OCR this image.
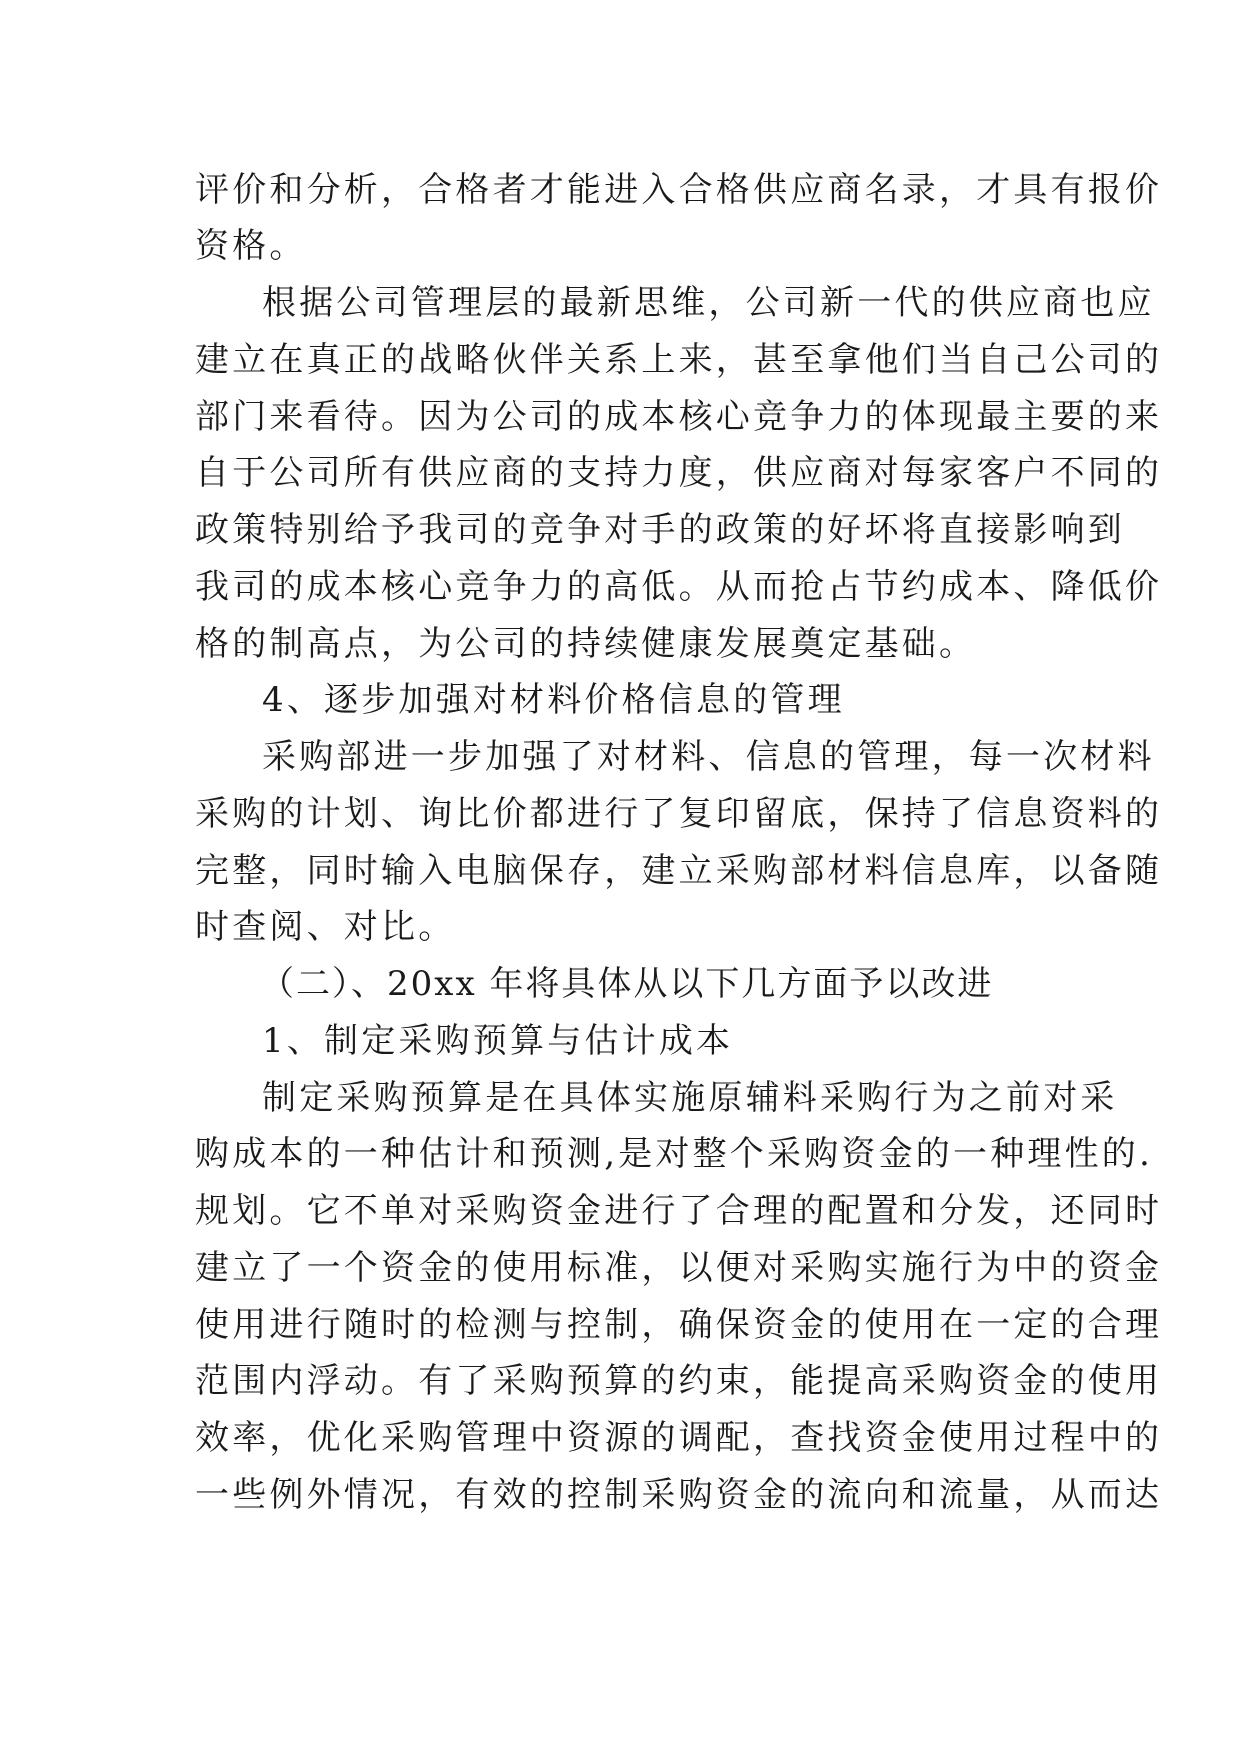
评价和分析，合格者才能进入合格供应商名录，才具有报价
资格。
根据公司管理层的最新思维，公司新一代的供应商也应
建立在真正的战略伙伴关系上来，甚至拿他们当自己公司的
部门来看待。因为公司的成本核心竞争力的体现最主要的来
自于公司所有供应商的支持力度，供应商对每家客户不同的
政策特别给予我司的竞争对手的政策的好坏将直接影响到
我司的成本核心竞争力的高低。从而抢占节约成本、降低价
格的制高点，为公司的持续健康发展奠定基础。
4、逐步加强对材料价格信息的管理
采购部进一步加强了对材料、信息的管理，每一次材料
采购的计划、询比价都进行了复印留底，保持了信息资料的
完整，同时输入电脑保存，建立采购部材料信息库，以备随
时查阅、对比。
（二）、20xx 年将具体从以下几方面予以改进
1、制定采购预算与估计成本
制定采购预算是在具体实施原辅料采购行为之前对采
购成本的一种估计和预测,是对整个采购资金的一种理性的.
规划。它不单对采购资金进行了合理的配置和分发，还同时
建立了一个资金的使用标准，以便对采购实施行为中的资金
使用进行随时的检测与控制，确保资金的使用在一定的合理
范围内浮动。有了采购预算的约束，能提高采购资金的使用
效率，优化采购管理中资源的调配，查找资金使用过程中的
一些例外情况，有效的控制采购资金的流向和流量，从而达
